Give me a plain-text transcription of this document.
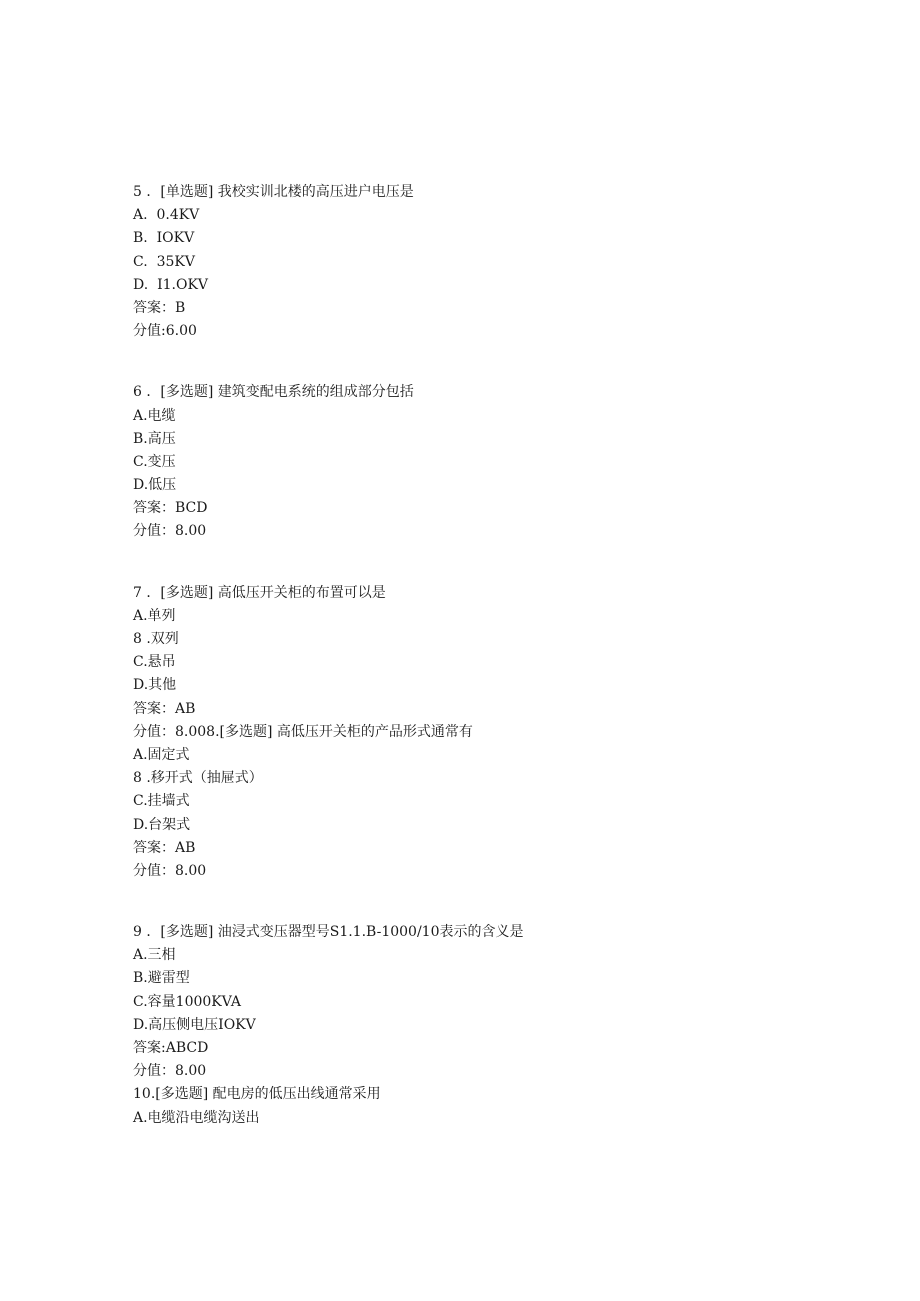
5 ．[单选题] 我校实训北楼的高压进户电压是
A.  0.4KV
B.  IOKV
C.  35KV
D.  I1.OKV
答案：B
分值:6.00
6 ．[多选题] 建筑变配电系统的组成部分包括
A.电缆
B.高压
C.变压
D.低压
答案：BCD
分值：8.00
7 ．[多选题] 高低压开关柜的布置可以是
A.单列
8 .双列
C.悬吊
D.其他
答案：AB
分值：8.008.[多选题] 高低压开关柜的产品形式通常有
A.固定式
8 .移开式（抽屉式）
C.挂墙式
D.台架式
答案：AB
分值：8.00
9 ．[多选题] 油浸式变压器型号S1.1.B-1000/10表示的含义是
A.三相
B.避雷型
C.容量1000KVA
D.高压侧电压IOKV
答案:ABCD
分值：8.00
10.[多选题] 配电房的低压出线通常采用
A.电缆沿电缆沟送出
